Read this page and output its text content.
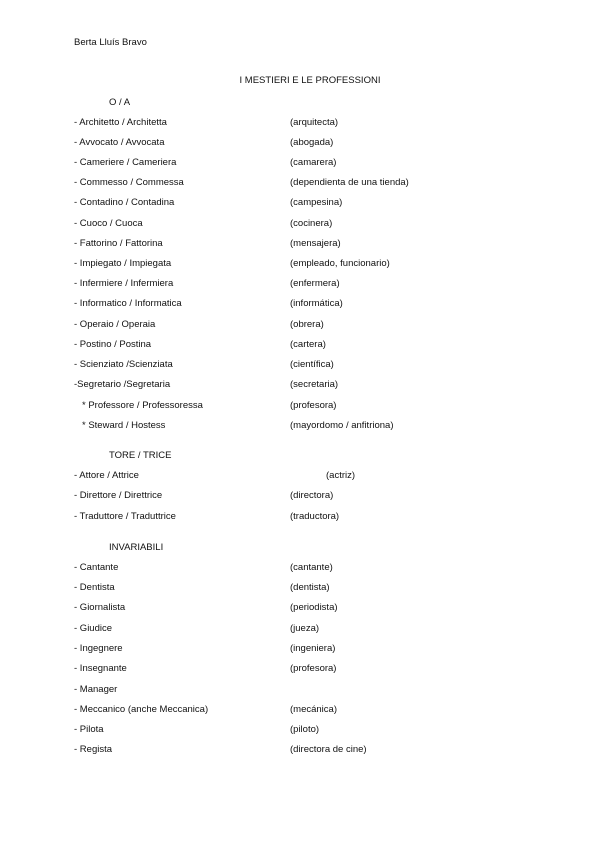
Berta Lluís Bravo
I MESTIERI E LE PROFESSIONI
O / A
- Architetto / Architetta	(arquitecta)
- Avvocato / Avvocata	(abogada)
- Cameriere / Cameriera	(camarera)
- Commesso / Commessa	(dependienta de una tienda)
- Contadino / Contadina	(campesina)
- Cuoco / Cuoca	(cocinera)
- Fattorino / Fattorina	(mensajera)
- Impiegato / Impiegata	(empleado, funcionario)
- Infermiere / Infermiera	(enfermera)
- Informatico / Informatica	(informática)
- Operaio / Operaia	(obrera)
- Postino / Postina	(cartera)
- Scienziato /Scienziata	(científica)
-Segretario /Segretaria	(secretaria)
* Professore / Professoressa	(profesora)
* Steward / Hostess	(mayordomo / anfitriona)
TORE / TRICE
- Attore / Attrice	(actriz)
- Direttore / Direttrice	(directora)
- Traduttore / Traduttrice	(traductora)
INVARIABILI
- Cantante	(cantante)
- Dentista	(dentista)
- Giornalista	(periodista)
- Giudice	(jueza)
- Ingegnere	(ingeniera)
- Insegnante	(profesora)
- Manager
- Meccanico (anche Meccanica)	(mecánica)
- Pilota	(piloto)
- Regista	(directora de cine)
